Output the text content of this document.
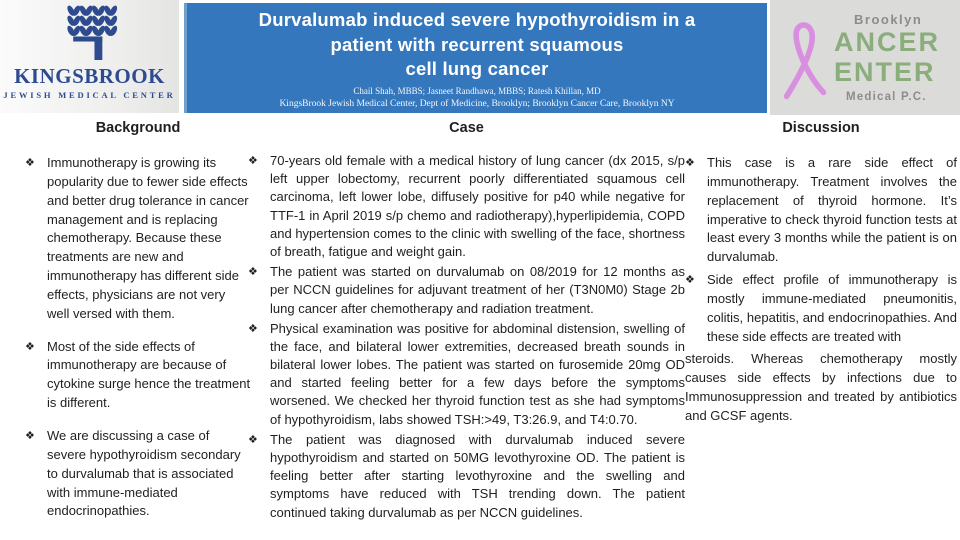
KINGSBROOK
JEWISH MEDICAL CENTER
Durvalumab induced severe hypothyroidism in a
patient with recurrent squamous
cell lung cancer
Chail Shah, MBBS; Jasneet Randhawa, MBBS; Ratesh Khillan, MD
KingsBrook Jewish Medical Center, Dept of Medicine, Brooklyn; Brooklyn Cancer Care, Brooklyn NY
Brooklyn
ANCER
ENTER
Medical P.C.
Background
❖ Immunotherapy is growing its popularity due to fewer side effects and better drug tolerance in cancer management and is replacing chemotherapy. Because these treatments are new and immunotherapy has different side effects, physicians are not very well versed with them.
❖ Most of the side effects of immunotherapy are because of cytokine surge hence the treatment is different.
❖ We are discussing a case of severe hypothyroidism secondary to durvalumab that is associated with immune-mediated endocrinopathies.
Case
❖ 70-years old female with a medical history of lung cancer (dx 2015, s/p left upper lobectomy, recurrent poorly differentiated squamous cell carcinoma, left lower lobe, diffusely positive for p40 while negative for TTF-1 in April 2019 s/p chemo and radiotherapy),hyperlipidemia, COPD and hypertension comes to the clinic with swelling of the face, shortness of breath, fatigue and weight gain.
❖ The patient was started on durvalumab on 08/2019 for 12 months as per NCCN guidelines for adjuvant treatment of her (T3N0M0) Stage 2b lung cancer after chemotherapy and radiation treatment.
❖ Physical examination was positive for abdominal distension, swelling of the face, and bilateral lower extremities, decreased breath sounds in bilateral lower lobes. The patient was started on furosemide 20mg OD and started feeling better for a few days before the symptoms worsened. We checked her thyroid function test as she had symptoms of hypothyroidism, labs showed TSH:>49, T3:26.9, and T4:0.70.
❖ The patient was diagnosed with durvalumab induced severe hypothyroidism and started on 50MG levothyroxine OD. The patient is feeling better after starting levothyroxine and the swelling and symptoms have reduced with TSH trending down. The patient continued taking durvalumab as per NCCN guidelines.
Discussion
❖ This case is a rare side effect of immunotherapy. Treatment involves the replacement of thyroid hormone. It’s imperative to check thyroid function tests at least every 3 months while the patient is on durvalumab.
❖ Side effect profile of immunotherapy is mostly immune-mediated pneumonitis, colitis, hepatitis, and endocrinopathies. And these side effects are treated with
steroids. Whereas chemotherapy mostly causes side effects by infections due to Immunosuppression and treated by antibiotics and GCSF agents.
